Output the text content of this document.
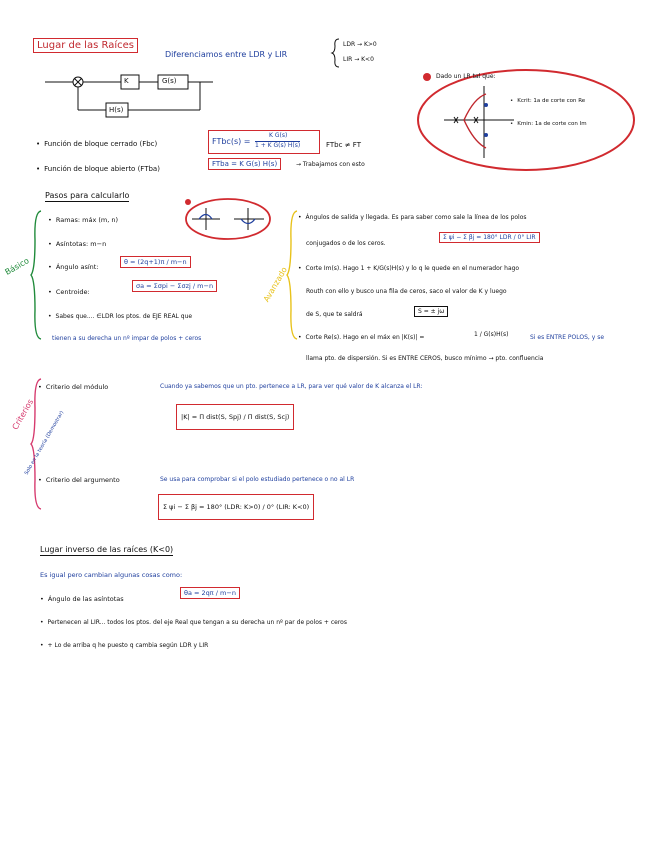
Lugar de las Raíces
Diferenciamos entre LDR y LIR
LDR → K>0
LIR → K<0
K	G(s)
H(s)
• Función de bloque cerrado (Fbc)	FTbc(s) =
K G(s)
1 + K G(s) H(s)	FTbc ≠ FT
• Función de bloque abierto (FTba)
FTba = K G(s) H(s)	→ Trabajamos con esto
Dado un LR tal que:
• Kcrit: 1a de corte con Re
• Kmin: 1a de corte con Im
Pasos para calcularlo
Básico
• Ramas: máx (m, n)
• Asíntotas: m−n
• Ángulo asínt:
θ = (2q+1)π / m−n
• Centroide:
σa = Σσpi − Σσzj / m−n
• Sabes que.... ∈LDR los ptos. de EJE REAL que
tienen a su derecha un nº impar de polos + ceros
Avanzado
• Ángulos de salida y llegada. Es para saber como sale la línea de los polos
conjugados o de los ceros.
Σ ψi − Σ βj = 180° LDR / 0° LIR
• Corte Im(s). Hago 1 + K/G(s)H(s) y lo q le quede en el numerador hago
Routh con ello y busco una fila de ceros, saco el valor de K y luego
de S, que te saldrá	S = ± jω
• Corte Re(s). Hago en el máx en |K(s)| =	1 / G(s)H(s)	Si es ENTRE POLOS, y se
llama pto. de dispersión. Si es ENTRE CEROS, busco mínimo → pto. confluencia
Criterios
Solo en la teoría (Demostrar)
• Criterio del módulo	Cuando ya sabemos que un pto. pertenece a LR, para ver qué valor de K alcanza el LR:
|K| = Π dist(S, Spj) / Π dist(S, Scj)
• Criterio del argumento	Se usa para comprobar si el polo estudiado pertenece o no al LR
Σ ψi − Σ βj = 180° (LDR: K>0) / 0° (LIR: K<0)
Lugar inverso de las raíces (K<0)
Es igual pero cambian algunas cosas como:
• Ángulo de las asíntotas
θa = 2qπ / m−n
• Pertenecen al LIR... todos los ptos. del eje Real que tengan a su derecha un nº par de polos + ceros
• + Lo de arriba q he puesto q cambia según LDR y LIR
